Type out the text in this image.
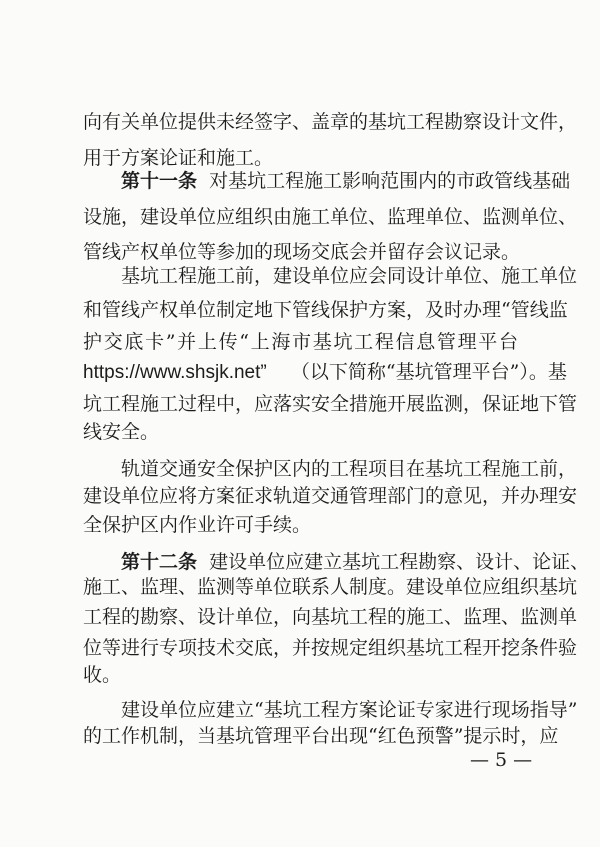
向有关单位提供未经签字、盖章的基坑工程勘察设计文件，
用于方案论证和施工。
第十一条 对基坑工程施工影响范围内的市政管线基础
设施，建设单位应组织由施工单位、监理单位、监测单位、
管线产权单位等参加的现场交底会并留存会议记录。
基坑工程施工前，建设单位应会同设计单位、施工单位
和管线产权单位制定地下管线保护方案，及时办理“管线监
护交底卡”并上传“上海市基坑工程信息管理平台
https://www.shsjk.net” （以下简称“基坑管理平台”）。基
坑工程施工过程中，应落实安全措施开展监测，保证地下管
线安全。
轨道交通安全保护区内的工程项目在基坑工程施工前，
建设单位应将方案征求轨道交通管理部门的意见，并办理安
全保护区内作业许可手续。
第十二条 建设单位应建立基坑工程勘察、设计、论证、
施工、监理、监测等单位联系人制度。建设单位应组织基坑
工程的勘察、设计单位，向基坑工程的施工、监理、监测单
位等进行专项技术交底，并按规定组织基坑工程开挖条件验
收。
建设单位应建立“基坑工程方案论证专家进行现场指导”
的工作机制，当基坑管理平台出现“红色预警”提示时，应
— 5 —
